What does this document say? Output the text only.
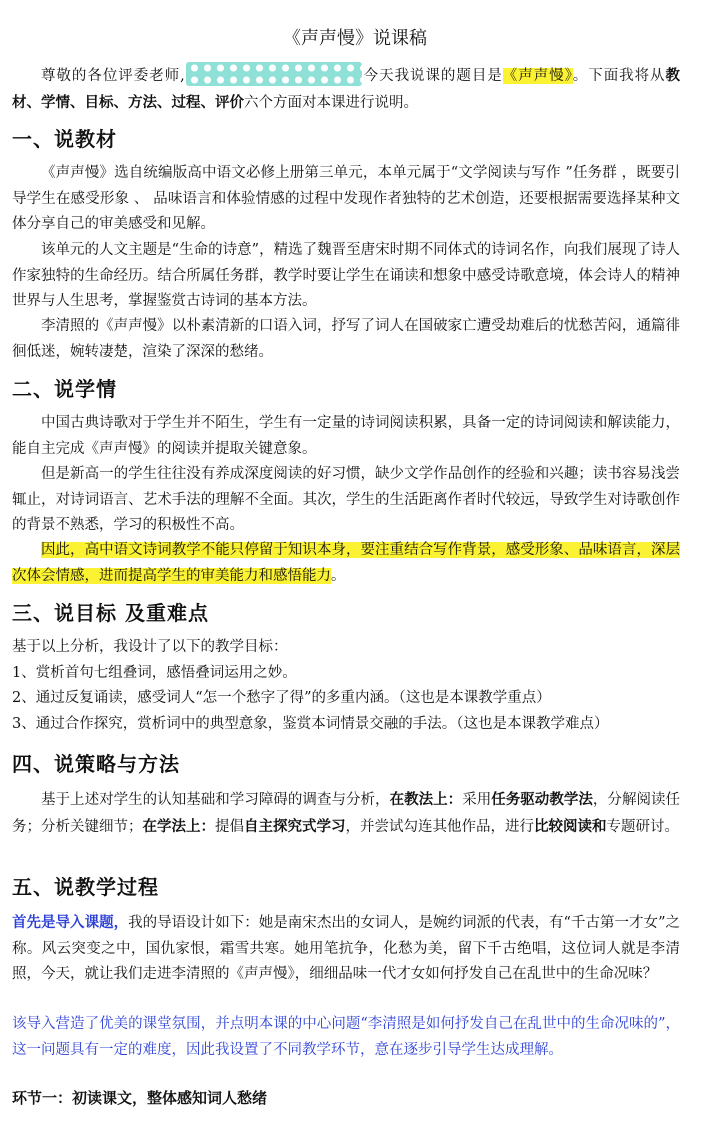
《声声慢》说课稿
尊敬的各位评委老师,	今天我说课的题目是《声声慢》。下面我将从教材、学情、目标、方法、过程、评价六个方面对本课进行说明。
一、说教材
《声声慢》选自统编版高中语文必修上册第三单元，本单元属于“文学阅读与写作 ”任务群 ，既要引导学生在感受形象 、 品味语言和体验情感的过程中发现作者独特的艺术创造，还要根据需要选择某种文体分享自己的审美感受和见解。
该单元的人文主题是“生命的诗意”，精选了魏晋至唐宋时期不同体式的诗词名作，向我们展现了诗人作家独特的生命经历。结合所属任务群，教学时要让学生在诵读和想象中感受诗歌意境，体会诗人的精神世界与人生思考，掌握鉴赏古诗词的基本方法。
李清照的《声声慢》以朴素清新的口语入词，抒写了词人在国破家亡遭受劫难后的忧愁苦闷，通篇徘徊低迷，婉转凄楚，渲染了深深的愁绪。
二、说学情
中国古典诗歌对于学生并不陌生，学生有一定量的诗词阅读积累，具备一定的诗词阅读和解读能力，能自主完成《声声慢》的阅读并提取关键意象。
但是新高一的学生往往没有养成深度阅读的好习惯，缺少文学作品创作的经验和兴趣；读书容易浅尝辄止，对诗词语言、艺术手法的理解不全面。其次，学生的生活距离作者时代较远，导致学生对诗歌创作的背景不熟悉，学习的积极性不高。
因此，高中语文诗词教学不能只停留于知识本身，要注重结合写作背景，感受形象、品味语言，深层次体会情感，进而提高学生的审美能力和感悟能力。
三、说目标 及重难点
基于以上分析，我设计了以下的教学目标：
1、赏析首句七组叠词，感悟叠词运用之妙。
2、通过反复诵读，感受词人“怎一个愁字了得”的多重内涵。（这也是本课教学重点）
3、通过合作探究，赏析词中的典型意象，鉴赏本词情景交融的手法。（这也是本课教学难点）
四、说策略与方法
基于上述对学生的认知基础和学习障碍的调查与分析，在教法上：采用任务驱动教学法，分解阅读任务；分析关键细节；在学法上：提倡自主探究式学习，并尝试勾连其他作品，进行比较阅读和专题研讨。
五、说教学过程
首先是导入课题，我的导语设计如下：她是南宋杰出的女词人，是婉约词派的代表，有“千古第一才女”之称。风云突变之中，国仇家恨，霜雪共寒。她用笔抗争，化愁为美，留下千古绝唱，这位词人就是李清照，今天，就让我们走进李清照的《声声慢》，细细品味一代才女如何抒发自己在乱世中的生命况味？
该导入营造了优美的课堂氛围，并点明本课的中心问题“李清照是如何抒发自己在乱世中的生命况味的”，这一问题具有一定的难度，因此我设置了不同教学环节，意在逐步引导学生达成理解。
环节一：初读课文，整体感知词人愁绪
